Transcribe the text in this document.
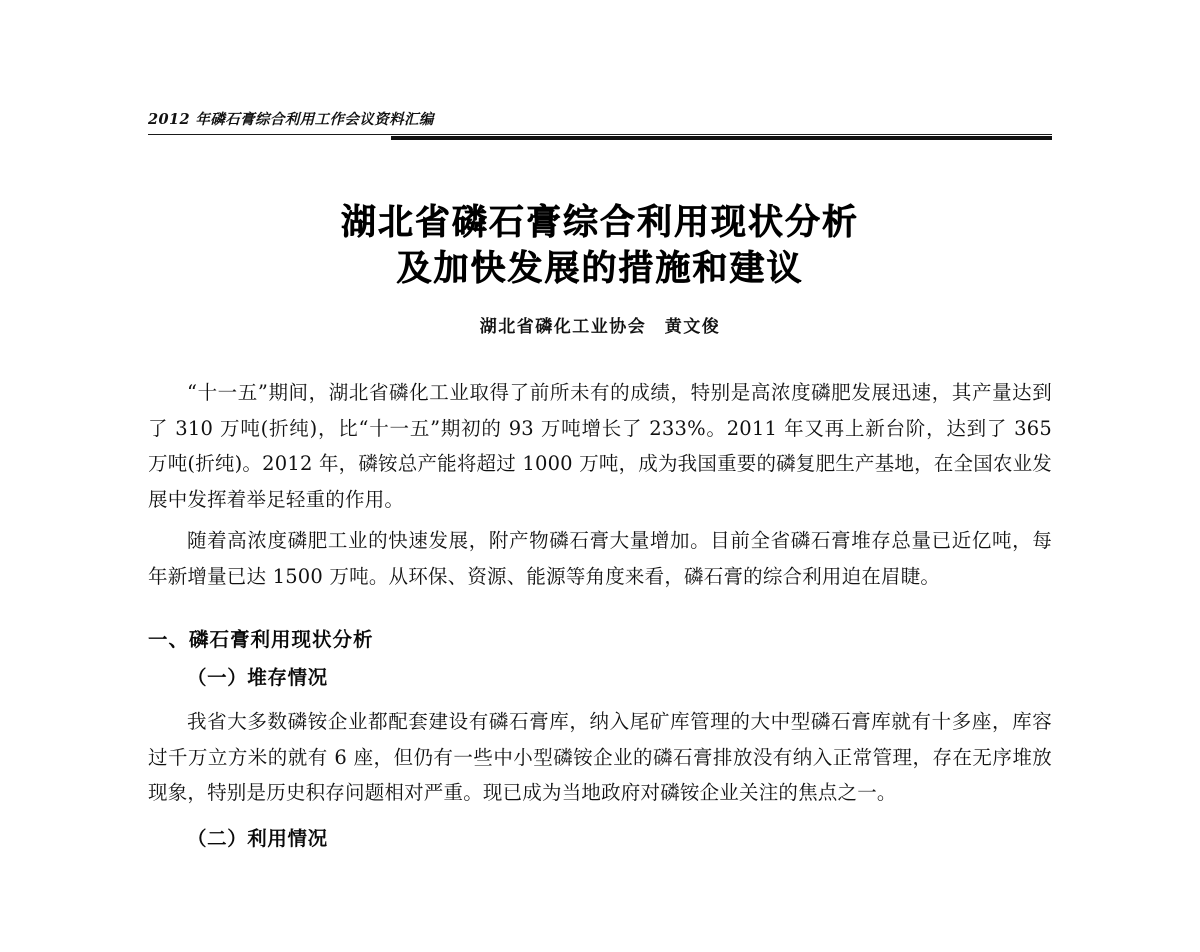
2012 年磷石膏综合利用工作会议资料汇编
湖北省磷石膏综合利用现状分析
及加快发展的措施和建议
湖北省磷化工业协会　黄文俊

“十一五”期间，湖北省磷化工业取得了前所未有的成绩，特别是高浓度磷肥发展迅速，其产量达到了 310 万吨(折纯)，比“十一五”期初的 93 万吨增长了 233%。2011 年又再上新台阶，达到了 365 万吨(折纯)。2012 年，磷铵总产能将超过 1000 万吨，成为我国重要的磷复肥生产基地，在全国农业发展中发挥着举足轻重的作用。

随着高浓度磷肥工业的快速发展，附产物磷石膏大量增加。目前全省磷石膏堆存总量已近亿吨，每年新增量已达 1500 万吨。从环保、资源、能源等角度来看，磷石膏的综合利用迫在眉睫。

一、磷石膏利用现状分析
（一）堆存情况

我省大多数磷铵企业都配套建设有磷石膏库，纳入尾矿库管理的大中型磷石膏库就有十多座，库容过千万立方米的就有 6 座，但仍有一些中小型磷铵企业的磷石膏排放没有纳入正常管理，存在无序堆放现象，特别是历史积存问题相对严重。现已成为当地政府对磷铵企业关注的焦点之一。

（二）利用情况
